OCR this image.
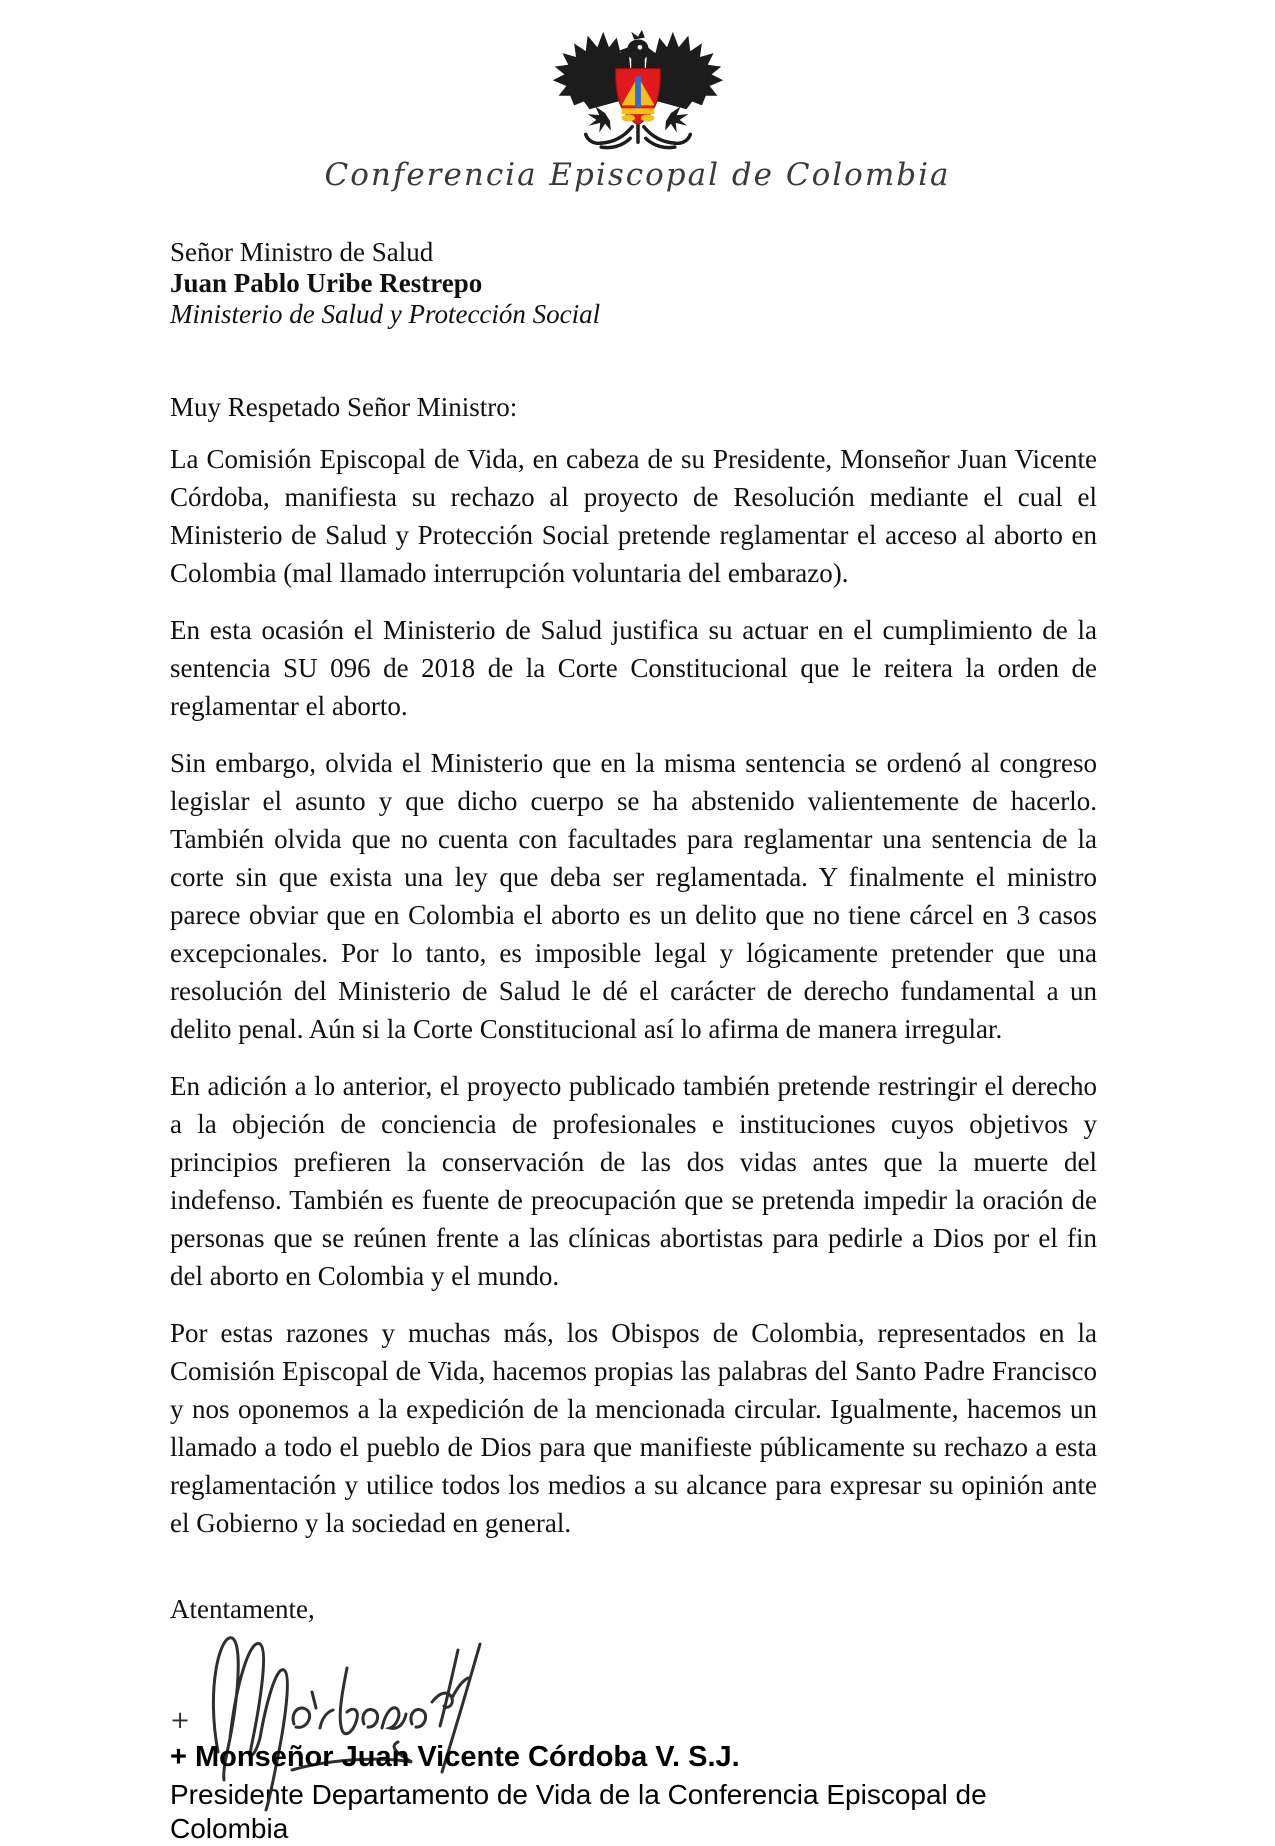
Conferencia Episcopal de Colombia
Señor Ministro de Salud
Juan Pablo Uribe Restrepo
Ministerio de Salud y Protección Social
Muy Respetado Señor Ministro:

La Comisión Episcopal de Vida, en cabeza de su Presidente, Monseñor Juan Vicente Córdoba, manifiesta su rechazo al proyecto de Resolución mediante el cual el Ministerio de Salud y Protección Social pretende reglamentar el acceso al aborto en Colombia (mal llamado interrupción voluntaria del embarazo).

En esta ocasión el Ministerio de Salud justifica su actuar en el cumplimiento de la sentencia SU 096 de 2018 de la Corte Constitucional que le reitera la orden de reglamentar el aborto.

Sin embargo, olvida el Ministerio que en la misma sentencia se ordenó al congreso legislar el asunto y que dicho cuerpo se ha abstenido valientemente de hacerlo. También olvida que no cuenta con facultades para reglamentar una sentencia de la corte sin que exista una ley que deba ser reglamentada. Y finalmente el ministro parece obviar que en Colombia el aborto es un delito que no tiene cárcel en 3 casos excepcionales. Por lo tanto, es imposible legal y lógicamente pretender que una resolución del Ministerio de Salud le dé el carácter de derecho fundamental a un delito penal. Aún si la Corte Constitucional así lo afirma de manera irregular.

En adición a lo anterior, el proyecto publicado también pretende restringir el derecho a la objeción de conciencia de profesionales e instituciones cuyos objetivos y principios prefieren la conservación de las dos vidas antes que la muerte del indefenso. También es fuente de preocupación que se pretenda impedir la oración de personas que se reúnen frente a las clínicas abortistas para pedirle a Dios por el fin del aborto en Colombia y el mundo.

Por estas razones y muchas más, los Obispos de Colombia, representados en la Comisión Episcopal de Vida, hacemos propias las palabras del Santo Padre Francisco y nos oponemos a la expedición de la mencionada circular. Igualmente, hacemos un llamado a todo el pueblo de Dios para que manifieste públicamente su rechazo a esta reglamentación y utilice todos los medios a su alcance para expresar su opinión ante el Gobierno y la sociedad en general.

Atentamente,
+
+ Monseñor Juan Vicente Córdoba V. S.J.
Presidente Departamento de Vida de la Conferencia Episcopal de Colombia
